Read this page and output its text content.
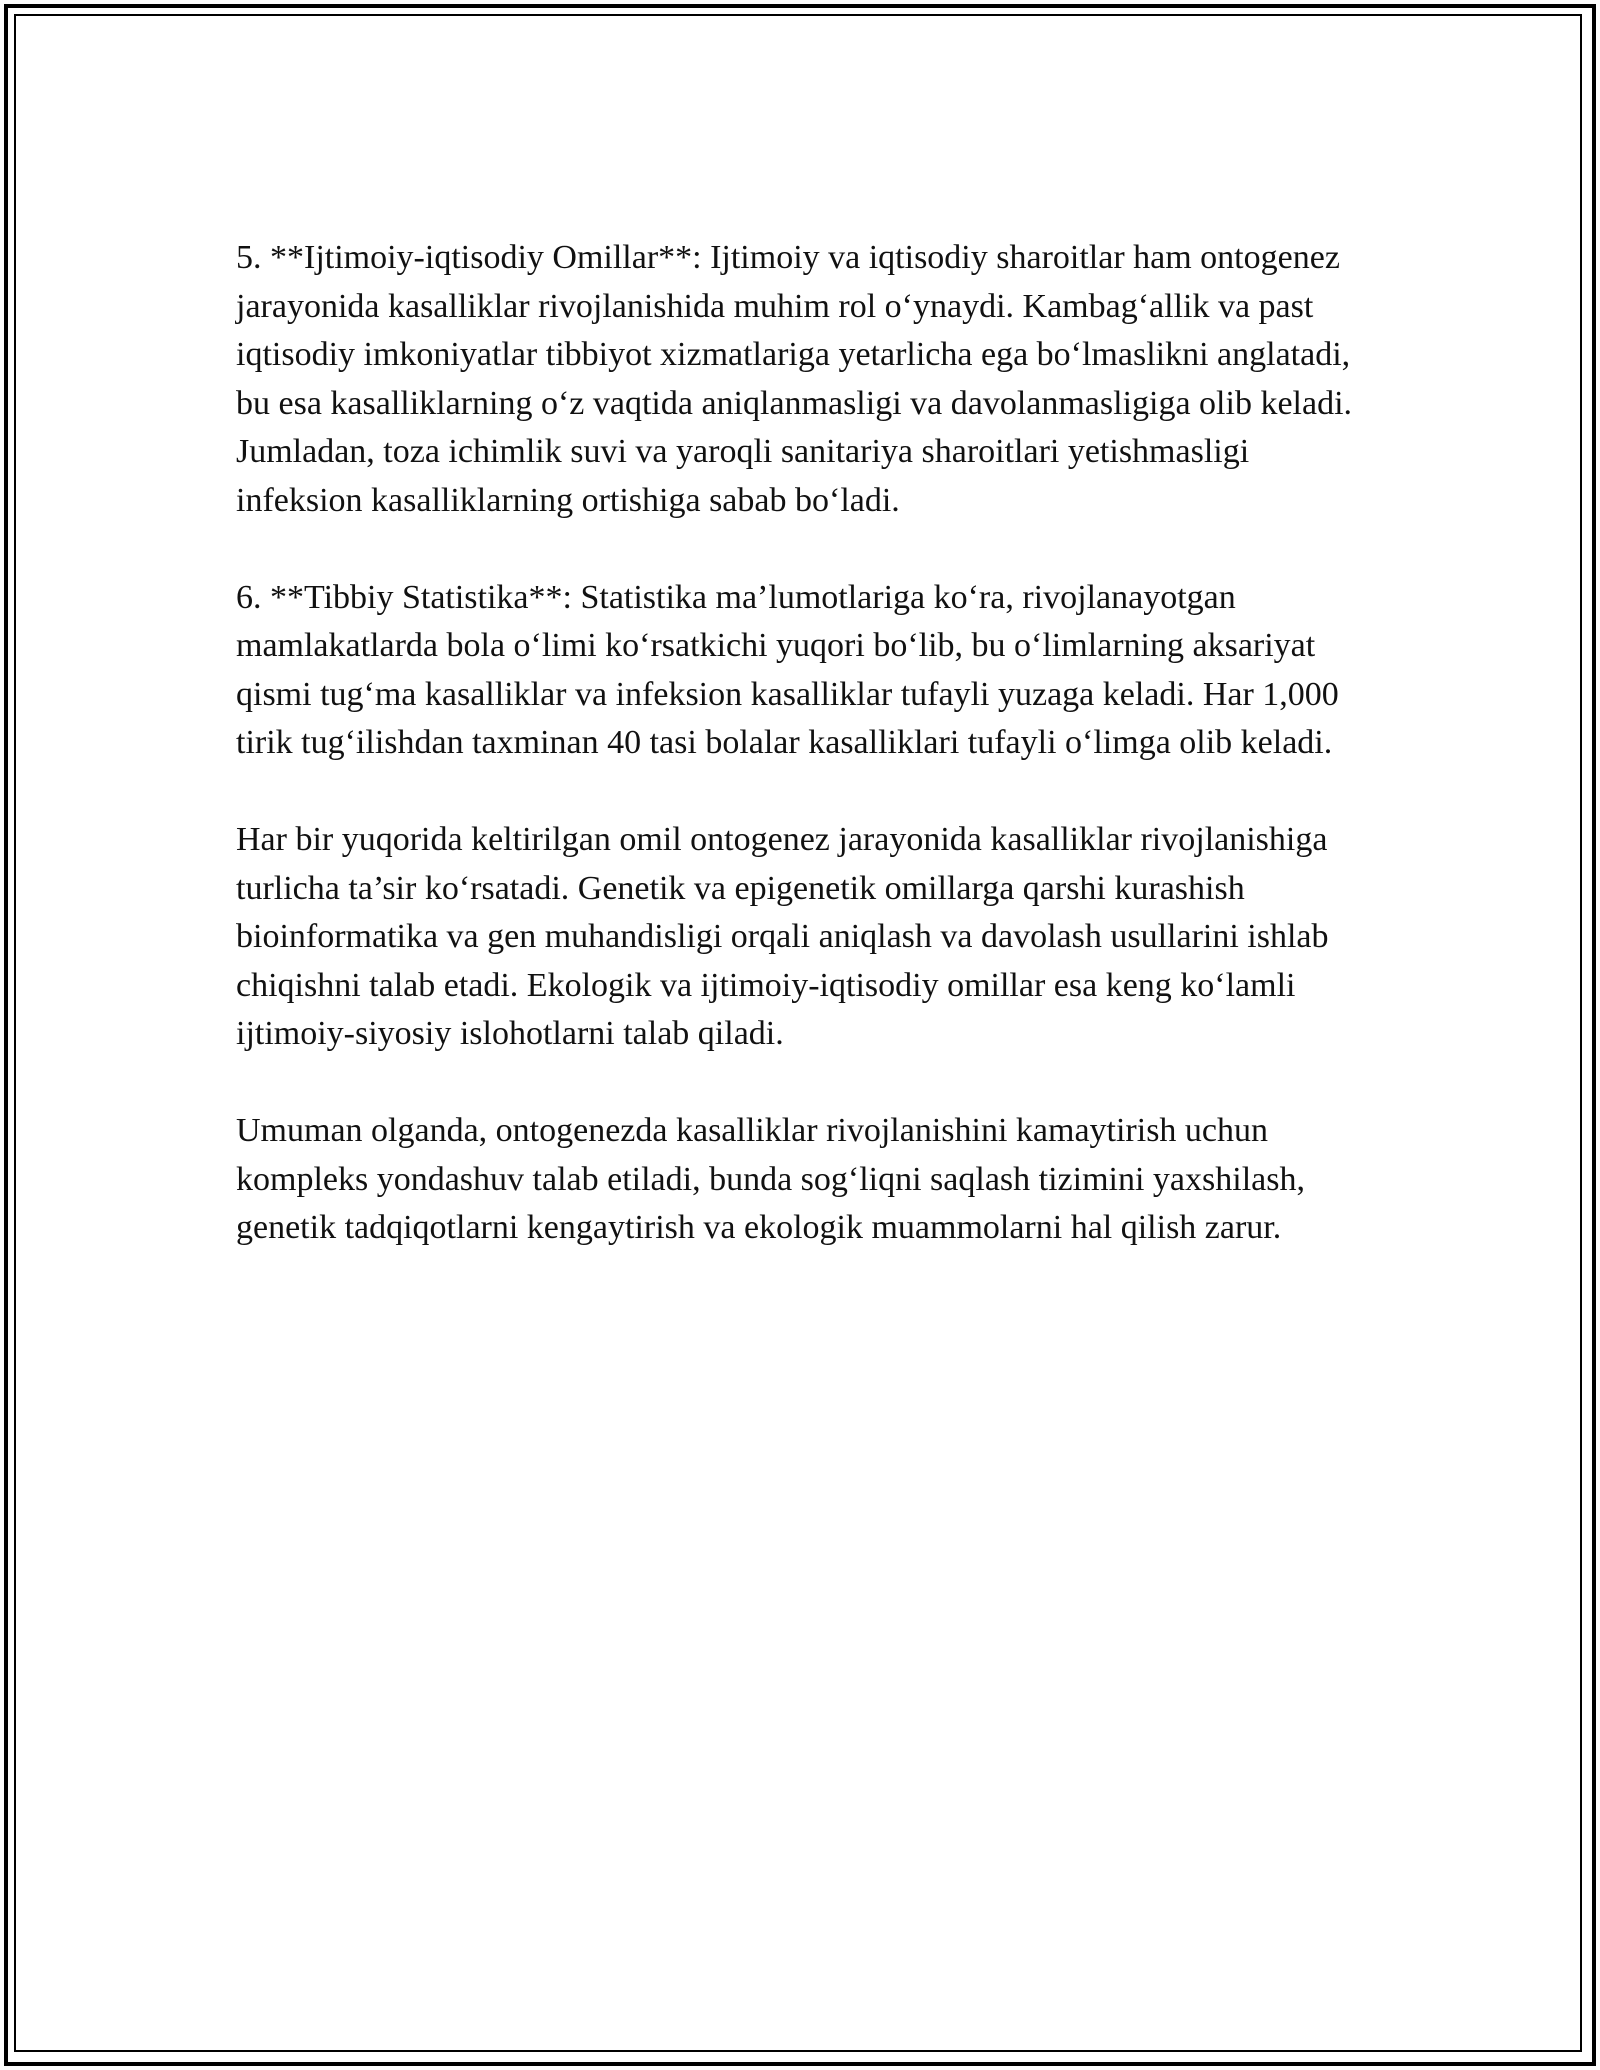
5. **Ijtimoiy-iqtisodiy Omillar**: Ijtimoiy va iqtisodiy sharoitlar ham ontogenez jarayonida kasalliklar rivojlanishida muhim rol o‘ynaydi. Kambag‘allik va past iqtisodiy imkoniyatlar tibbiyot xizmatlariga yetarlicha ega bo‘lmaslikni anglatadi, bu esa kasalliklarning o‘z vaqtida aniqlanmasligi va davolanmasligiga olib keladi. Jumladan, toza ichimlik suvi va yaroqli sanitariya sharoitlari yetishmasligi infeksion kasalliklarning ortishiga sabab bo‘ladi.

6. **Tibbiy Statistika**: Statistika ma’lumotlariga ko‘ra, rivojlanayotgan mamlakatlarda bola o‘limi ko‘rsatkichi yuqori bo‘lib, bu o‘limlarning aksariyat qismi tug‘ma kasalliklar va infeksion kasalliklar tufayli yuzaga keladi. Har 1,000 tirik tug‘ilishdan taxminan 40 tasi bolalar kasalliklari tufayli o‘limga olib keladi.

Har bir yuqorida keltirilgan omil ontogenez jarayonida kasalliklar rivojlanishiga turlicha ta’sir ko‘rsatadi. Genetik va epigenetik omillarga qarshi kurashish bioinformatika va gen muhandisligi orqali aniqlash va davolash usullarini ishlab chiqishni talab etadi. Ekologik va ijtimoiy-iqtisodiy omillar esa keng ko‘lamli ijtimoiy-siyosiy islohotlarni talab qiladi.

Umuman olganda, ontogenezda kasalliklar rivojlanishini kamaytirish uchun kompleks yondashuv talab etiladi, bunda sog‘liqni saqlash tizimini yaxshilash, genetik tadqiqotlarni kengaytirish va ekologik muammolarni hal qilish zarur.
